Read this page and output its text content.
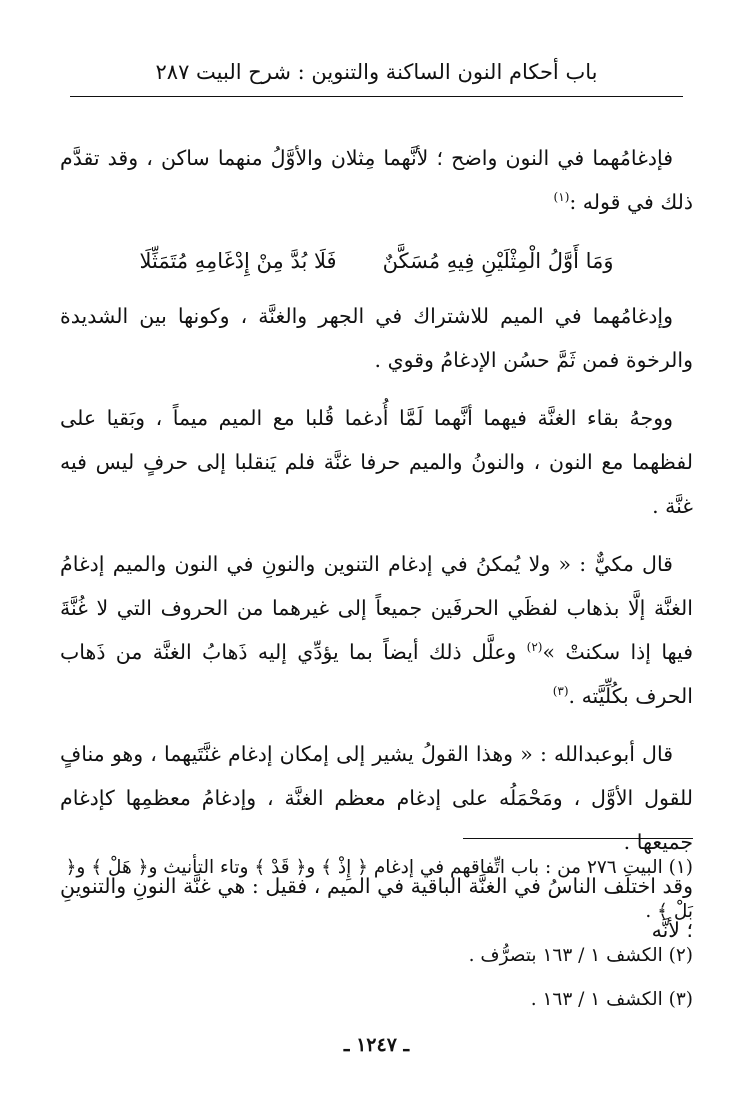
باب أحكام النون الساكنة والتنوين : شرح البيت ٢٨٧

فإدغامُهما في النون واضح ؛ لأنَّهما مِثلان والأوَّلُ منهما ساكن ، وقد تقدَّم ذلك في قوله :$^{(١)}$

وَمَا أَوَّلُ الْمِثْلَيْنِ فِيهِ مُسَكَّنٌ
فَلَا بُدَّ مِنْ إِدْغَامِهِ مُتَمَثِّلَا

وإدغامُهما في الميم للاشتراك في الجهر والغنَّة ، وكونها بين الشديدة والرخوة فمن ثَمَّ حسُن الإدغامُ وقوي .

ووجهُ بقاء الغنَّة فيهما أنَّهما لَمَّا أُدغما قُلبا مع الميم ميماً ، وبَقيا على لفظهما مع النون ، والنونُ والميم حرفا غنَّة فلم يَنقلبا إلى حرفٍ ليس فيه غنَّة .

قال مكيٌّ : « ولا يُمكنُ في إدغام التنوين والنونِ في النون والميم إدغامُ الغنَّة إلَّا بذهاب لفظَي الحرفَين جميعاً إلى غيرهما من الحروف التي لا غُنَّةَ فيها إذا سكنتْ »$^{(٢)}$ وعلَّل ذلك أيضاً بما يؤدِّي إليه ذَهابُ الغنَّة من ذَهاب الحرف بكُلِّيَّته .$^{(٣)}$

قال أبوعبدالله : « وهذا القولُ يشير إلى إمكان إدغام غنَّتَيهما ، وهو منافٍ للقول الأوَّل ، ومَحْمَلُه على إدغام معظم الغنَّة ، وإدغامُ معظمِها كإدغام جميعها .

وقد اختلَف الناسُ في الغنَّة الباقية في الميم ، فقيل : هي غنَّة النونِ والتنوينِ ؛ لأنَّه

(١) البيت ٢٧٦ من : باب اتِّفاقهم في إدغام ﴿ إِذْ ﴾ و﴿ قَدْ ﴾ وتاء التأنيث و﴿ هَلْ ﴾ و﴿ بَلْ ﴾ .

(٢) الكشف ١ / ١٦٣ بتصرُّف .

(٣) الكشف ١ / ١٦٣ .

ـ ١٢٤٧ ـ
